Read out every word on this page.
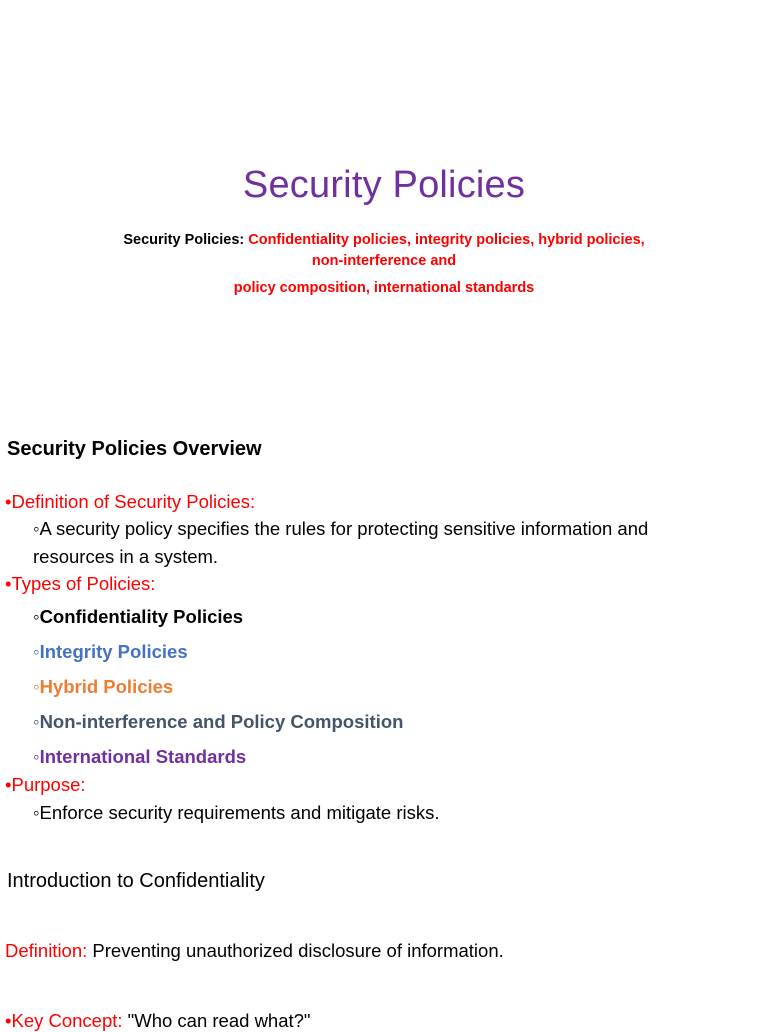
Security Policies
Security Policies: Confidentiality policies, integrity policies, hybrid policies, non-interference and
policy composition, international standards
Security Policies Overview
•Definition of Security Policies:
◦A security policy specifies the rules for protecting sensitive information and
resources in a system.
•Types of Policies:
◦Confidentiality Policies
◦Integrity Policies
◦Hybrid Policies
◦Non-interference and Policy Composition
◦International Standards
•Purpose:
◦Enforce security requirements and mitigate risks.
Introduction to Confidentiality
Definition: Preventing unauthorized disclosure of information.
•Key Concept: "Who can read what?"
